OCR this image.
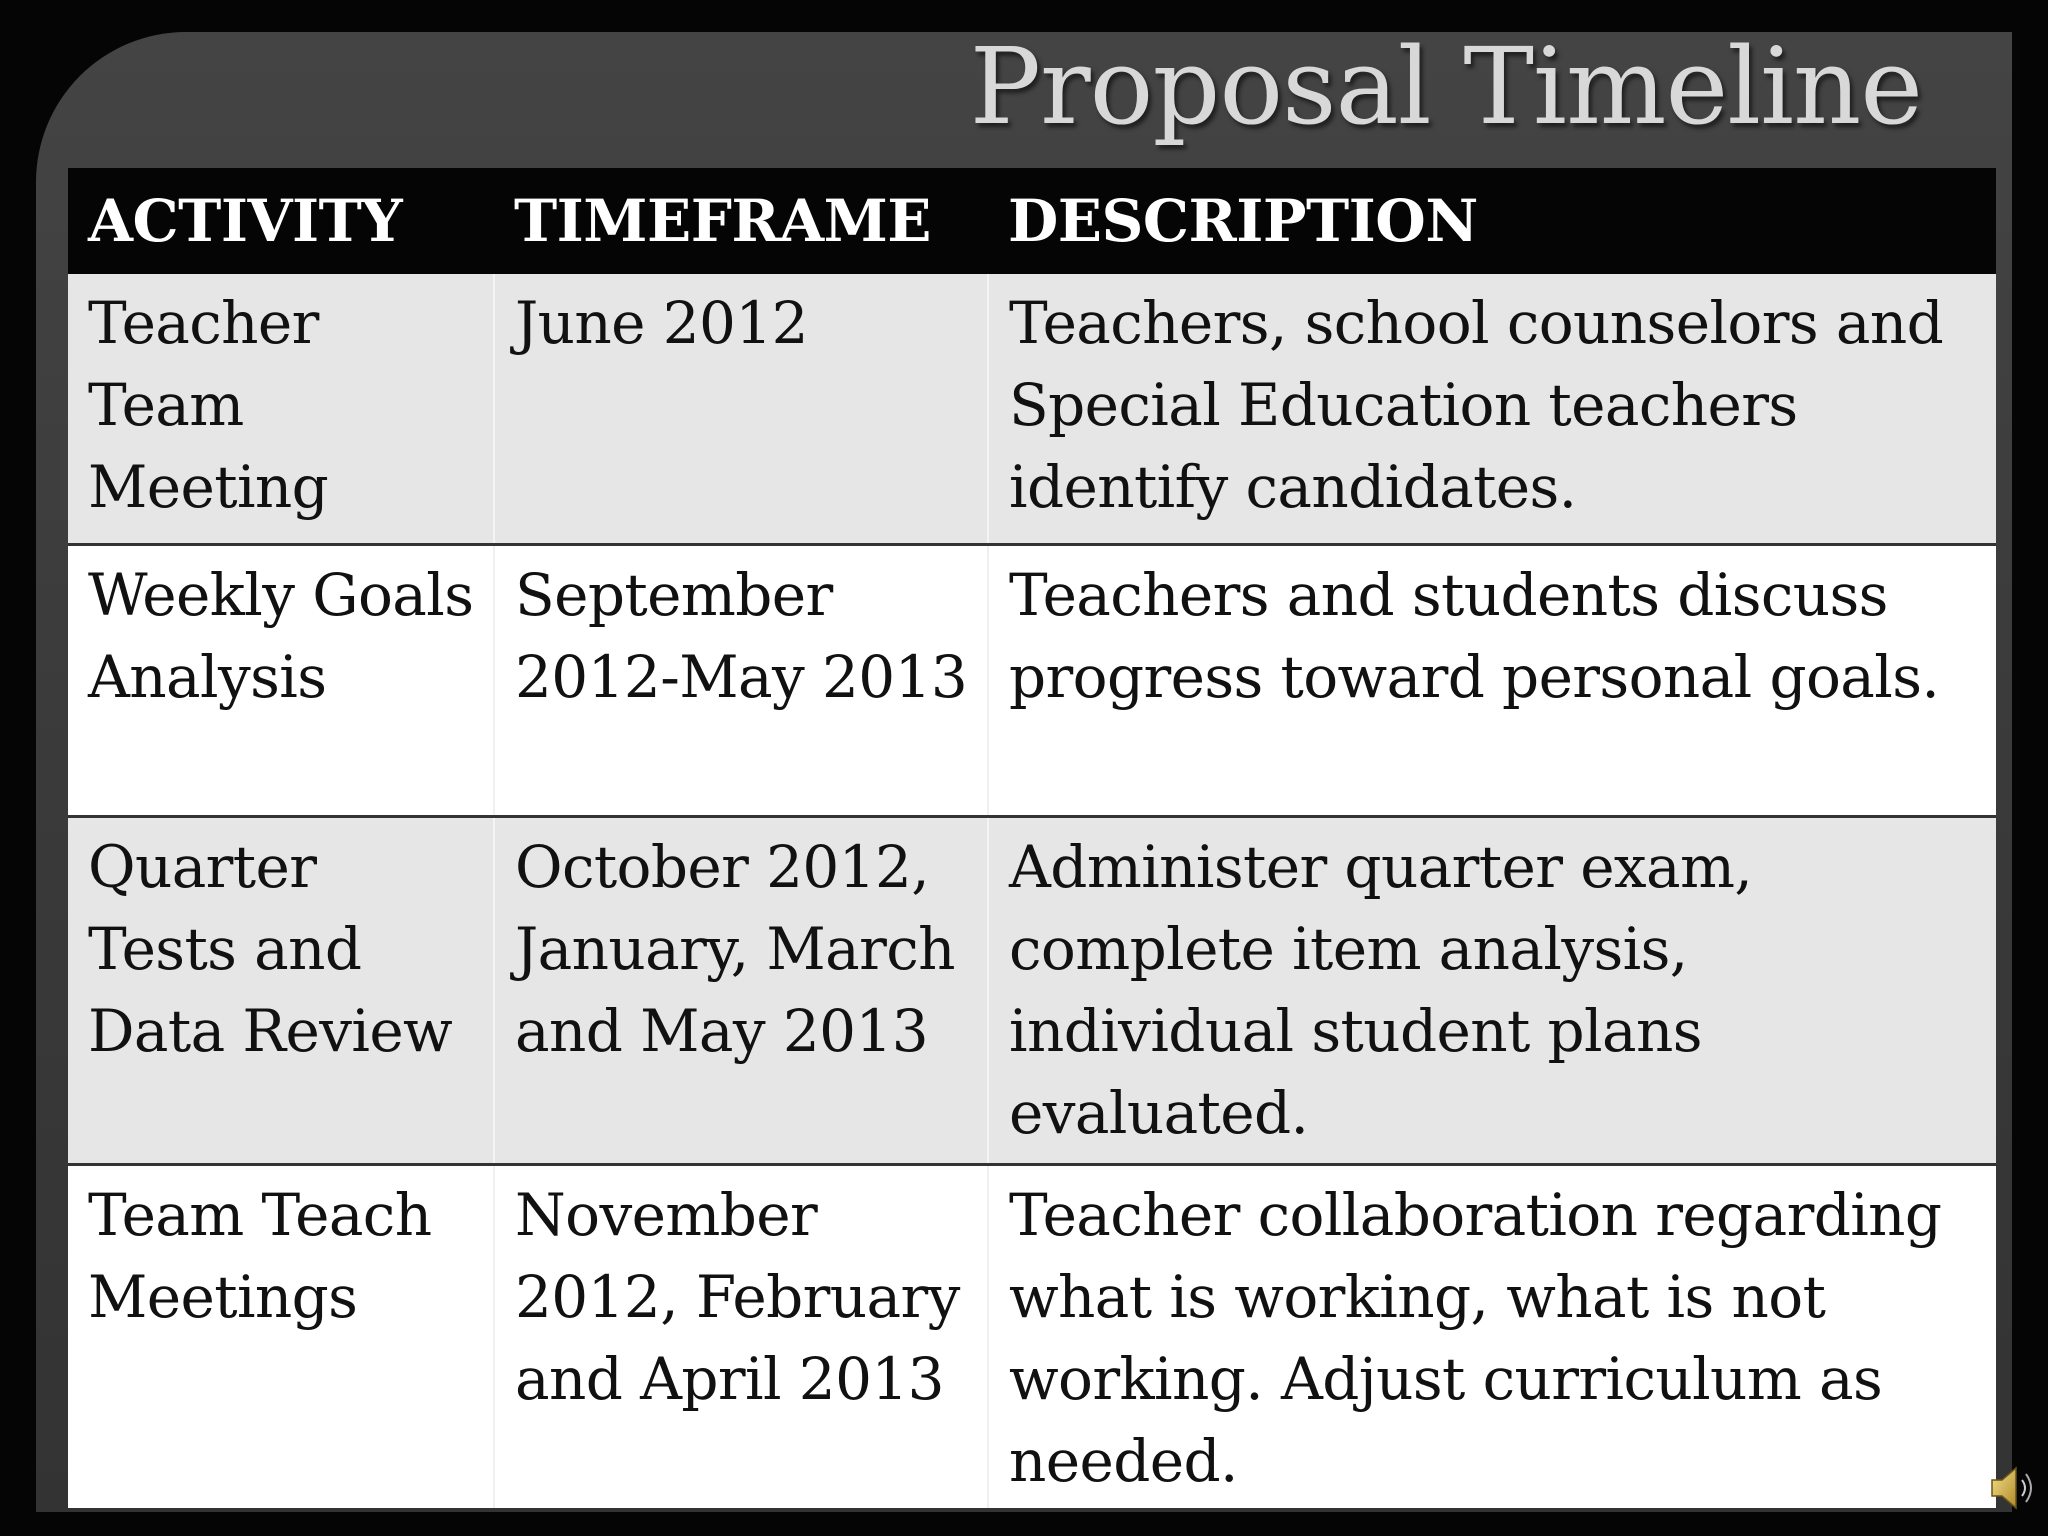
Proposal Timeline
ACTIVITY	TIMEFRAME	DESCRIPTION
Teacher Team Meeting	June 2012	Teachers, school counselors and Special Education teachers identify candidates.
Weekly Goals Analysis	September 2012-May 2013	Teachers and students discuss progress toward personal goals.
Quarter Tests and Data Review	October 2012, January, March and May 2013	Administer quarter exam, complete item analysis, individual student plans evaluated.
Team Teach Meetings	November 2012, February and April 2013	Teacher collaboration regarding what is working, what is not working. Adjust curriculum as needed.
